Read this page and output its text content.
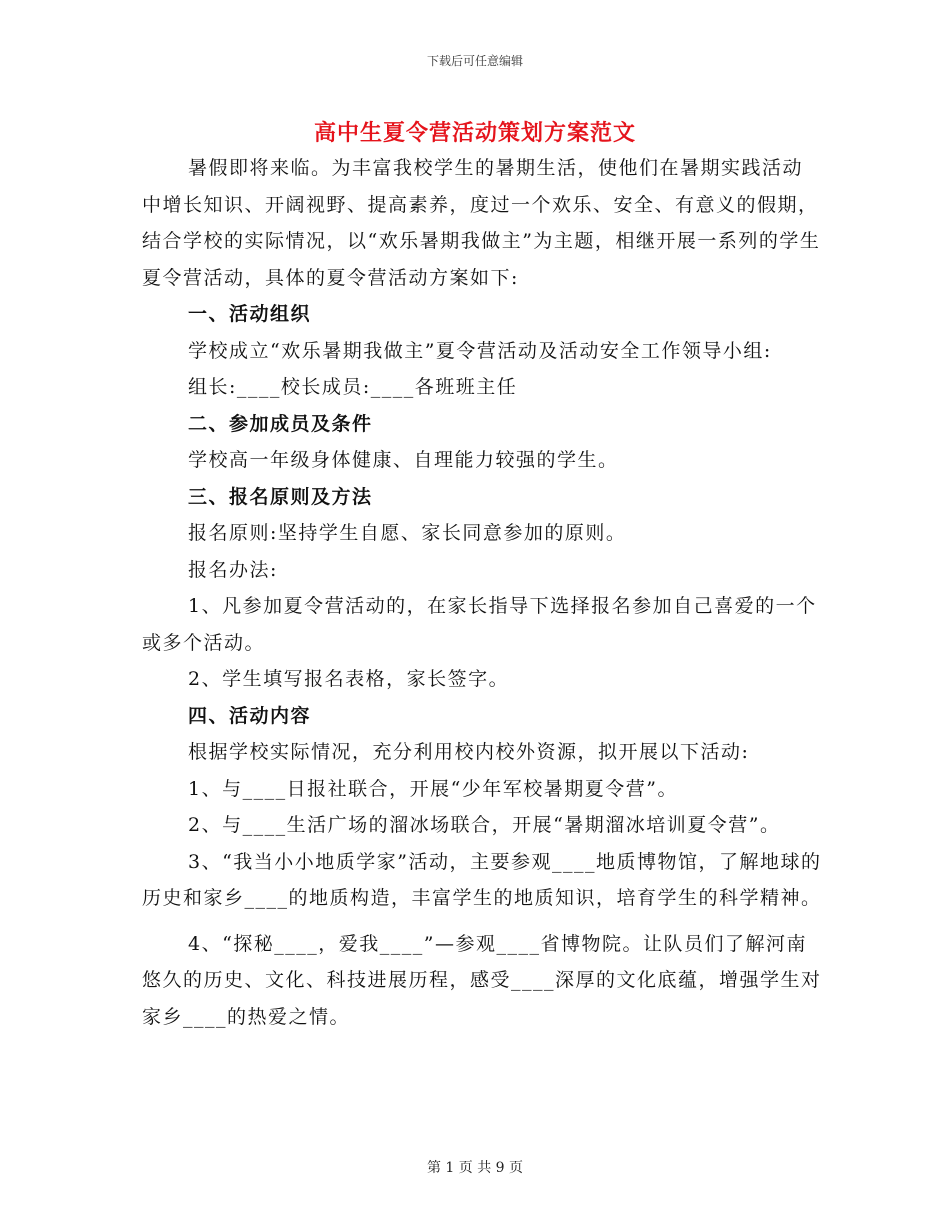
下载后可任意编辑
高中生夏令营活动策划方案范文

暑假即将来临。为丰富我校学生的暑期生活，使他们在暑期实践活动中增长知识、开阔视野、提高素养，度过一个欢乐、安全、有意义的假期，结合学校的实际情况，以“欢乐暑期我做主”为主题，相继开展一系列的学生夏令营活动，具体的夏令营活动方案如下:

一、活动组织

学校成立“欢乐暑期我做主”夏令营活动及活动安全工作领导小组:

组长:____校长成员:____各班班主任

二、参加成员及条件

学校高一年级身体健康、自理能力较强的学生。

三、报名原则及方法

报名原则:坚持学生自愿、家长同意参加的原则。

报名办法:

1、凡参加夏令营活动的，在家长指导下选择报名参加自己喜爱的一个或多个活动。

2、学生填写报名表格，家长签字。

四、活动内容

根据学校实际情况，充分利用校内校外资源，拟开展以下活动:

1、与____日报社联合，开展“少年军校暑期夏令营”。

2、与____生活广场的溜冰场联合，开展“暑期溜冰培训夏令营”。

3、“我当小小地质学家”活动，主要参观____地质博物馆，了解地球的历史和家乡____的地质构造，丰富学生的地质知识，培育学生的科学精神。

4、“探秘____，爱我____”—参观____省博物院。让队员们了解河南悠久的历史、文化、科技进展历程，感受____深厚的文化底蕴，增强学生对家乡____的热爱之情。

第 1 页 共 9 页
